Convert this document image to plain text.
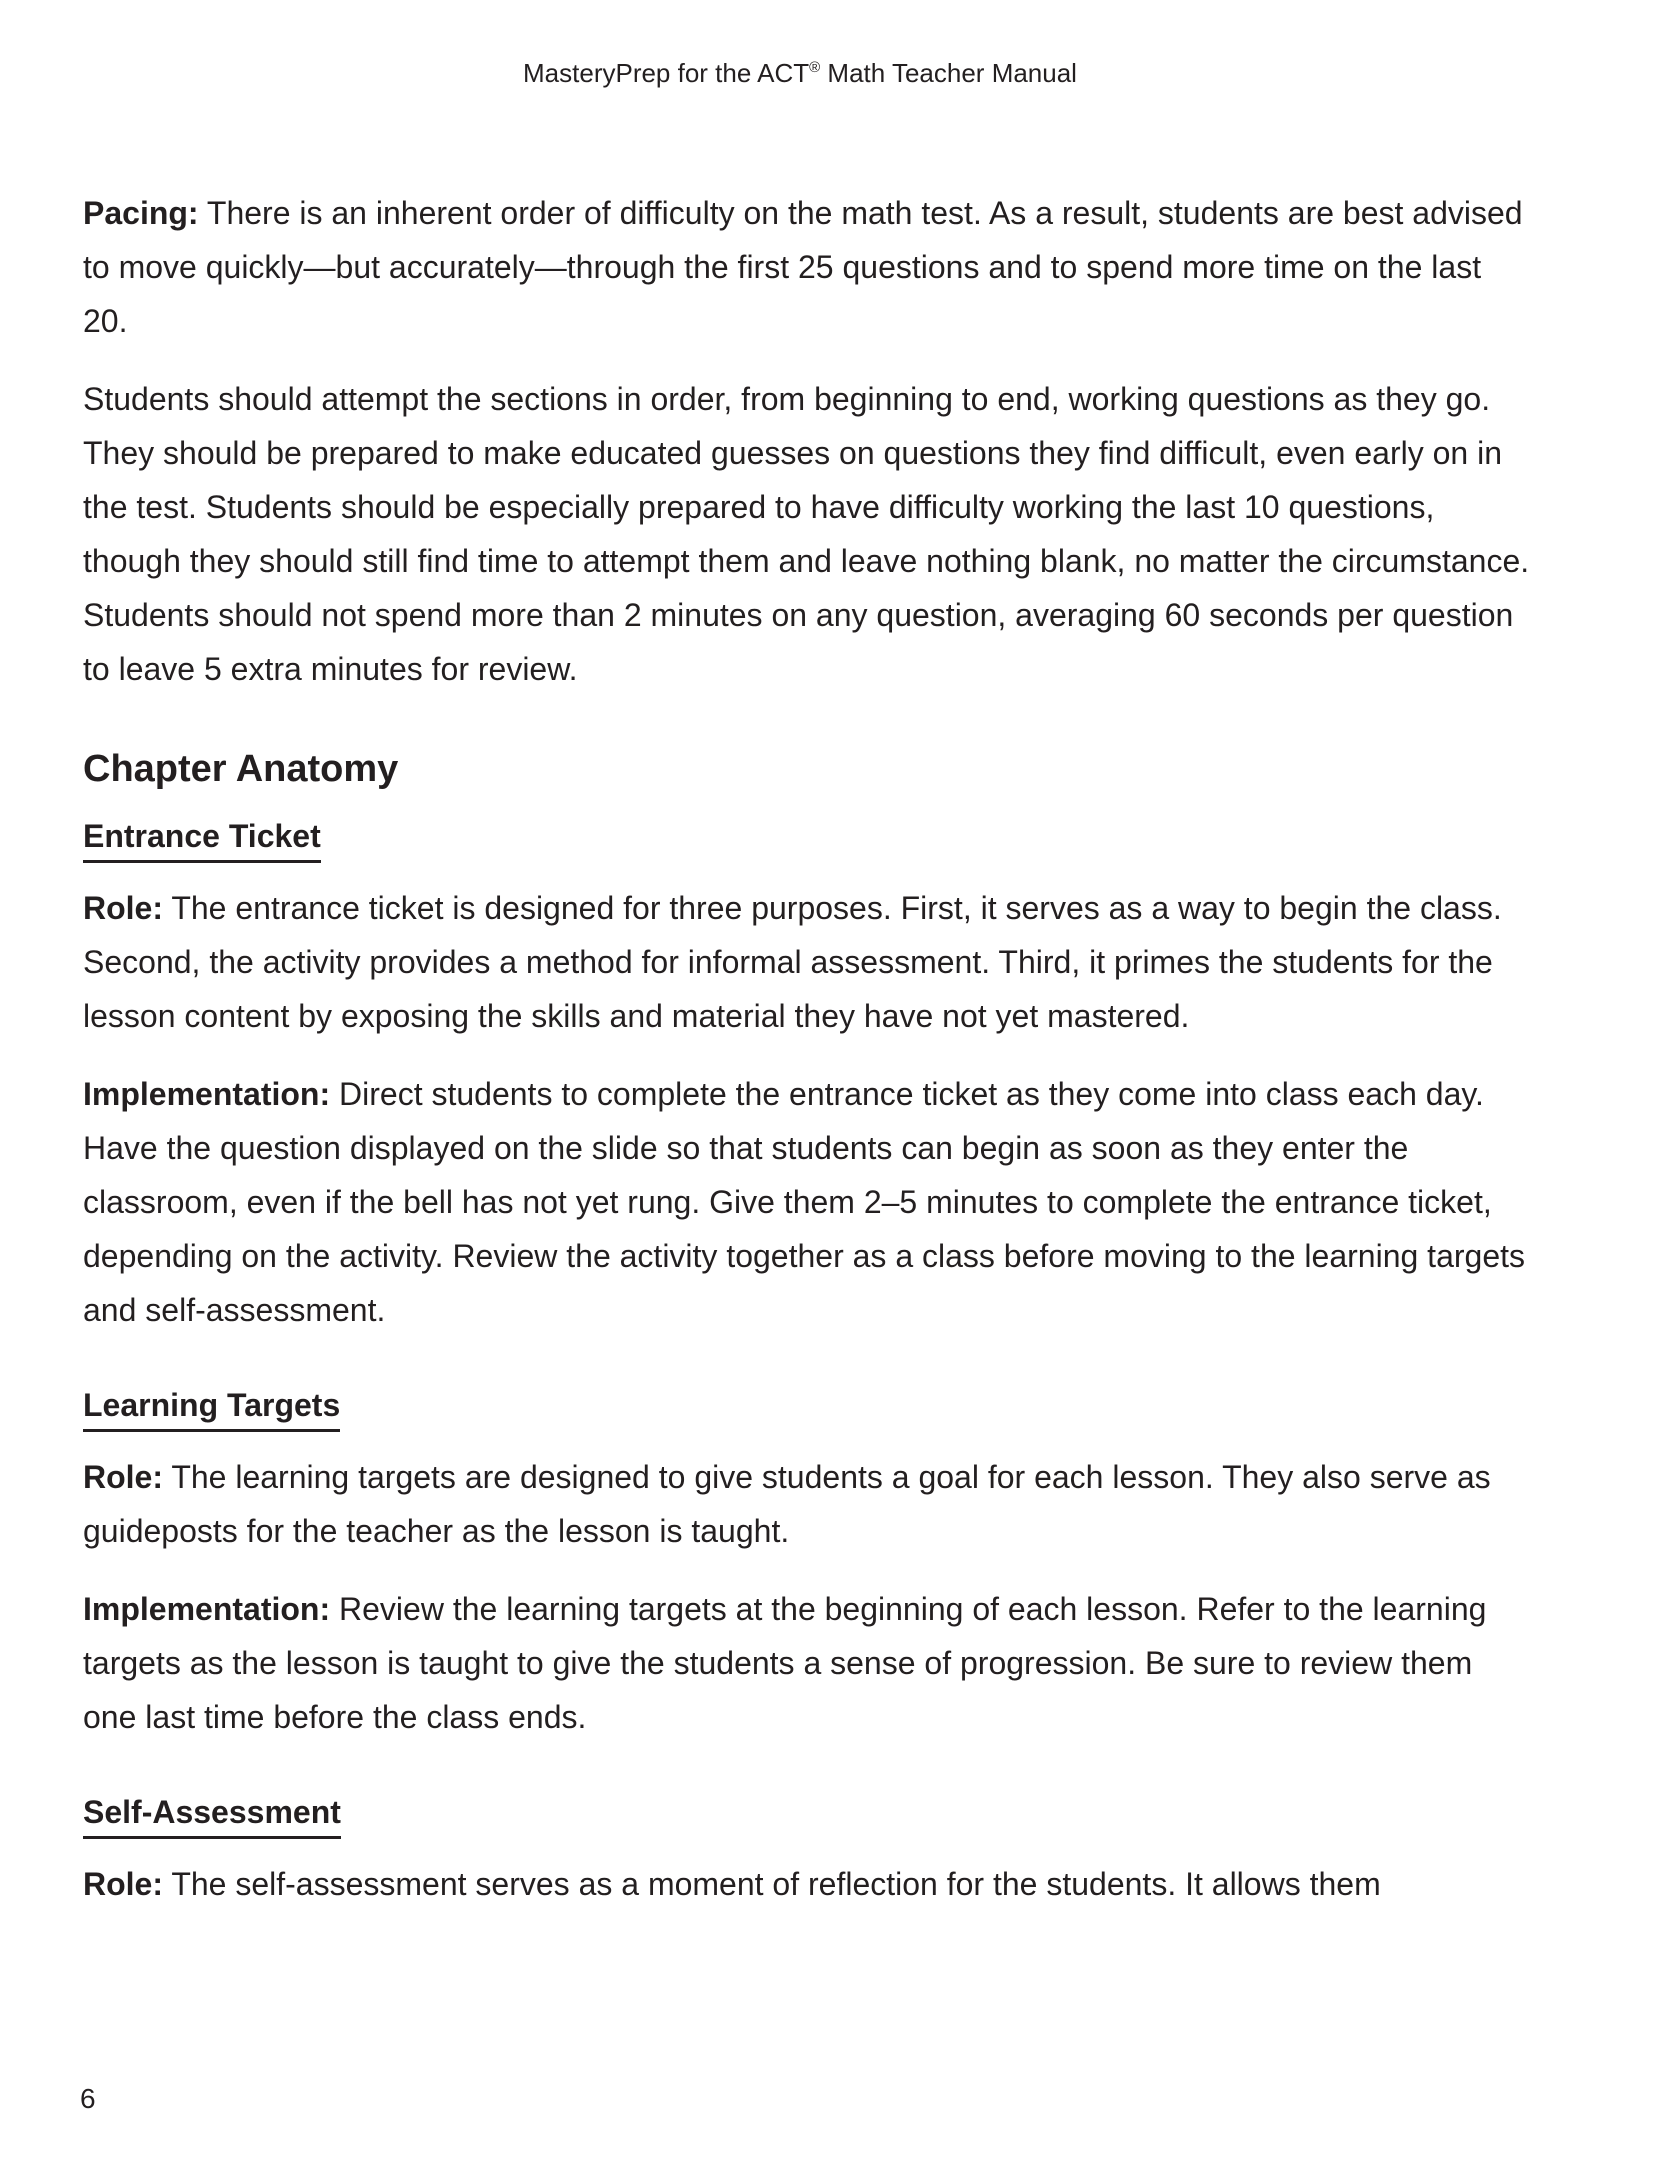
MasteryPrep for the ACT® Math Teacher Manual

Pacing: There is an inherent order of difficulty on the math test. As a result, students are best advised to move quickly—but accurately—through the first 25 questions and to spend more time on the last 20.

Students should attempt the sections in order, from beginning to end, working questions as they go. They should be prepared to make educated guesses on questions they find difficult, even early on in the test. Students should be especially prepared to have difficulty working the last 10 questions, though they should still find time to attempt them and leave nothing blank, no matter the circumstance. Students should not spend more than 2 minutes on any question, averaging 60 seconds per question to leave 5 extra minutes for review.

Chapter Anatomy
Entrance Ticket

Role: The entrance ticket is designed for three purposes. First, it serves as a way to begin the class. Second, the activity provides a method for informal assessment. Third, it primes the students for the lesson content by exposing the skills and material they have not yet mastered.

Implementation: Direct students to complete the entrance ticket as they come into class each day. Have the question displayed on the slide so that students can begin as soon as they enter the classroom, even if the bell has not yet rung. Give them 2–5 minutes to complete the entrance ticket, depending on the activity. Review the activity together as a class before moving to the learning targets and self-assessment.

Learning Targets

Role: The learning targets are designed to give students a goal for each lesson. They also serve as guideposts for the teacher as the lesson is taught.

Implementation: Review the learning targets at the beginning of each lesson. Refer to the learning targets as the lesson is taught to give the students a sense of progression. Be sure to review them one last time before the class ends.

Self-Assessment

Role: The self-assessment serves as a moment of reflection for the students. It allows them

6
